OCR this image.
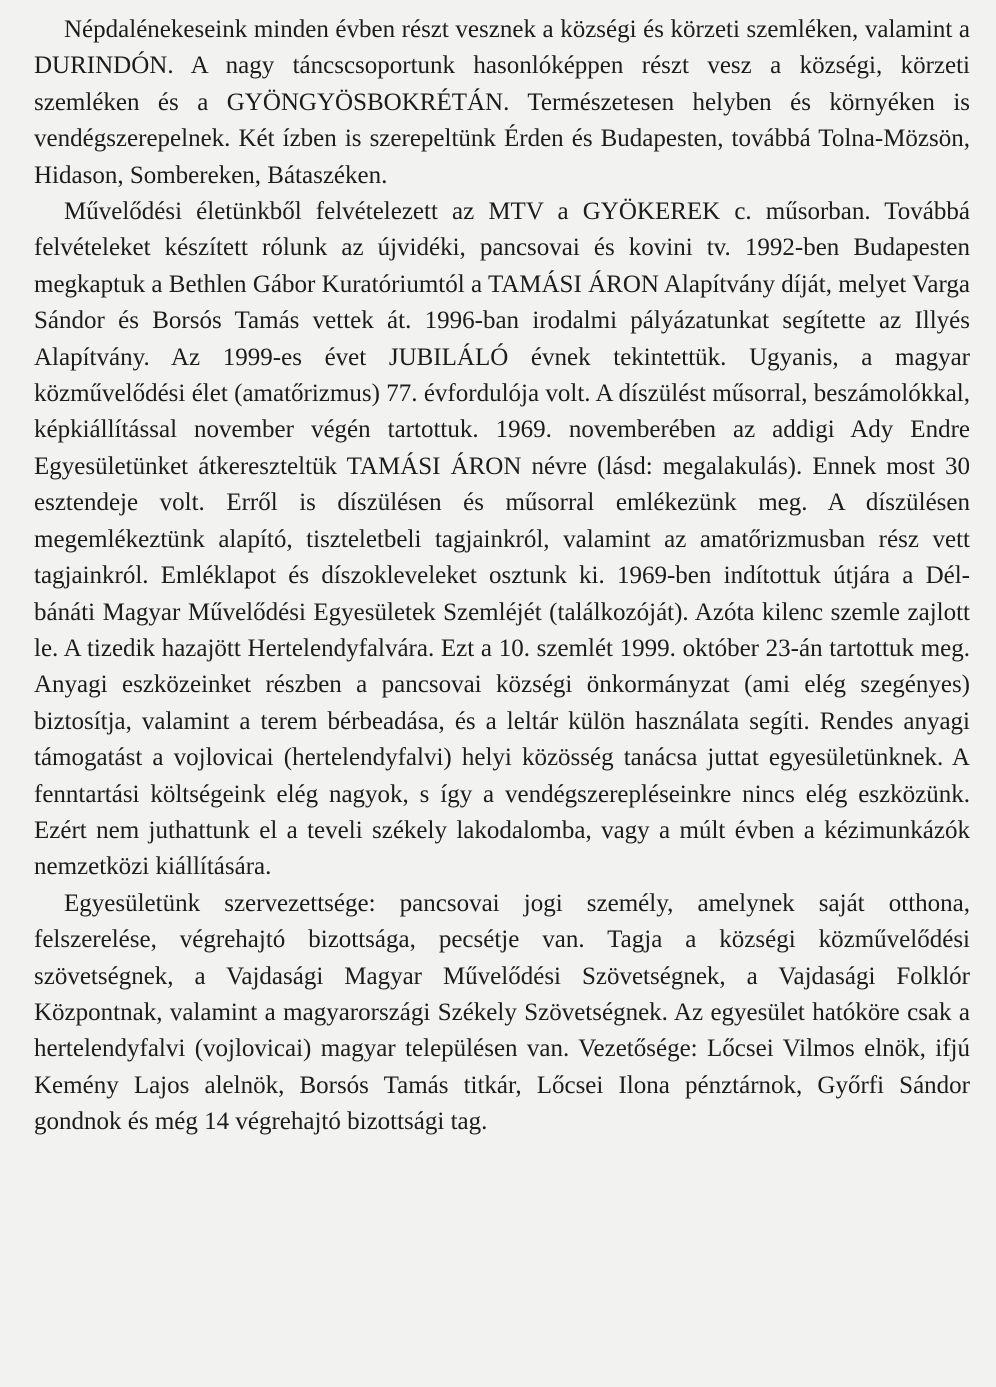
Népdalénekeseink minden évben részt vesznek a községi és körzeti szemléken, valamint a DURINDÓN. A nagy táncscsoportunk hasonlóképpen részt vesz a községi, körzeti szemléken és a GYÖNGYÖSBOKRÉTÁN. Természetesen helyben és környéken is vendégszerepelnek. Két ízben is szerepeltünk Érden és Budapesten, továbbá Tolna-Mözsön, Hidason, Sombereken, Bátaszéken.

Művelődési életünkből felvételezett az MTV a GYÖKEREK c. műsorban. Továbbá felvételeket készített rólunk az újvidéki, pancsovai és kovini tv. 1992-ben Budapesten megkaptuk a Bethlen Gábor Kuratóriumtól a TAMÁSI ÁRON Alapítvány díját, melyet Varga Sándor és Borsós Tamás vettek át. 1996-ban irodalmi pályázatunkat segítette az Illyés Alapítvány. Az 1999-es évet JUBILÁLÓ évnek tekintettük. Ugyanis, a magyar közművelődési élet (amatőrizmus) 77. évfordulója volt. A díszülést műsorral, beszámolókkal, képkiállítással november végén tartottuk. 1969. novemberében az addigi Ady Endre Egyesületünket átkereszteltük TAMÁSI ÁRON névre (lásd: megalakulás). Ennek most 30 esztendeje volt. Erről is díszülésen és műsorral emlékezünk meg. A díszülésen megemlékeztünk alapító, tiszteletbeli tagjainkról, valamint az amatőrizmusban rész vett tagjainkról. Emléklapot és díszokleveleket osztunk ki. 1969-ben indítottuk útjára a Dél-bánáti Magyar Művelődési Egyesületek Szemléjét (találkozóját). Azóta kilenc szemle zajlott le. A tizedik hazajött Hertelendyfalvára. Ezt a 10. szemlét 1999. október 23-án tartottuk meg. Anyagi eszközeinket részben a pancsovai községi önkormányzat (ami elég szegényes) biztosítja, valamint a terem bérbeadása, és a leltár külön használata segíti. Rendes anyagi támogatást a vojlovicai (hertelendyfalvi) helyi közösség tanácsa juttat egyesületünknek. A fenntartási költségeink elég nagyok, s így a vendégszerepléseinkre nincs elég eszközünk. Ezért nem juthattunk el a teveli székely lakodalomba, vagy a múlt évben a kézimunkázók nemzetközi kiállítására.

Egyesületünk szervezettsége: pancsovai jogi személy, amelynek saját otthona, felszerelése, végrehajtó bizottsága, pecsétje van. Tagja a községi közművelődési szövetségnek, a Vajdasági Magyar Művelődési Szövetségnek, a Vajdasági Folklór Központnak, valamint a magyarországi Székely Szövetségnek. Az egyesület hatóköre csak a hertelendyfalvi (vojlovicai) magyar településen van. Vezetősége: Lőcsei Vilmos elnök, ifjú Kemény Lajos alelnök, Borsós Tamás titkár, Lőcsei Ilona pénztárnok, Győrfi Sándor gondnok és még 14 végrehajtó bizottsági tag.
